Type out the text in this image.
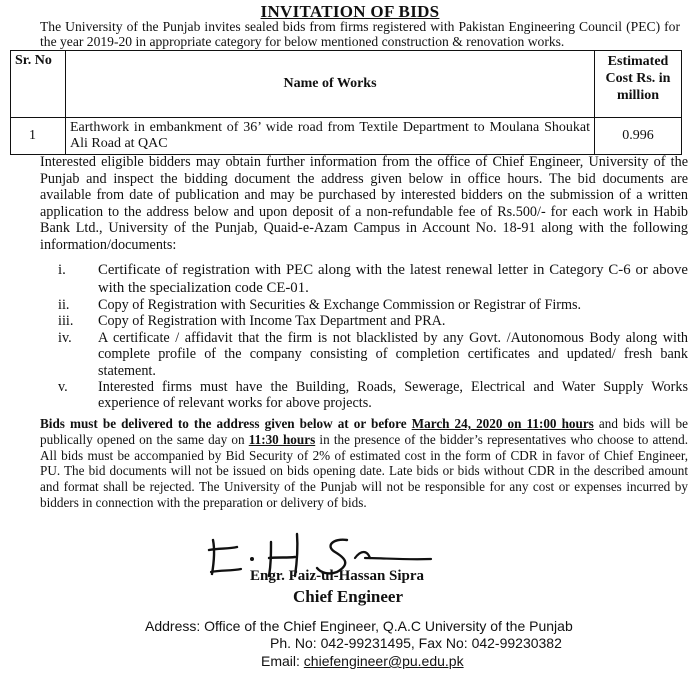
INVITATION OF BIDS
The University of the Punjab invites sealed bids from firms registered with Pakistan Engineering Council (PEC) for the year 2019-20 in appropriate category for below mentioned construction & renovation works.
Sr. No	Name of Works	Estimated Cost Rs. in million
1	Earthwork in embankment of 36’ wide road from Textile Department to Moulana Shoukat Ali Road at QAC	0.996

Interested eligible bidders may obtain further information from the office of Chief Engineer, University of the Punjab and inspect the bidding document the address given below in office hours. The bid documents are available from date of publication and may be purchased by interested bidders on the submission of a written application to the address below and upon deposit of a non-refundable fee of Rs.500/- for each work in Habib Bank Ltd., University of the Punjab, Quaid-e-Azam Campus in Account No. 18-91 along with the following information/documents:

i. Certificate of registration with PEC along with the latest renewal letter in Category C-6 or above with the specialization code CE-01.
ii. Copy of Registration with Securities & Exchange Commission or Registrar of Firms.
iii. Copy of Registration with Income Tax Department and PRA.
iv. A certificate / affidavit that the firm is not blacklisted by any Govt. /Autonomous Body along with complete profile of the company consisting of completion certificates and updated/ fresh bank statement.
v. Interested firms must have the Building, Roads, Sewerage, Electrical and Water Supply Works experience of relevant works for above projects.
Bids must be delivered to the address given below at or before March 24, 2020 on 11:00 hours and bids will be publically opened on the same day on 11:30 hours in the presence of the bidder’s representatives who choose to attend. All bids must be accompanied by Bid Security of 2% of estimated cost in the form of CDR in favor of Chief Engineer, PU. The bid documents will not be issued on bids opening date. Late bids or bids without CDR in the described amount and format shall be rejected. The University of the Punjab will not be responsible for any cost or expenses incurred by bidders in connection with the preparation or delivery of bids.
Engr. Faiz-ul-Hassan Sipra
Chief Engineer
Address: Office of the Chief Engineer, Q.A.C University of the Punjab
Ph. No: 042-99231495, Fax No: 042-99230382
Email: chiefengineer@pu.edu.pk
